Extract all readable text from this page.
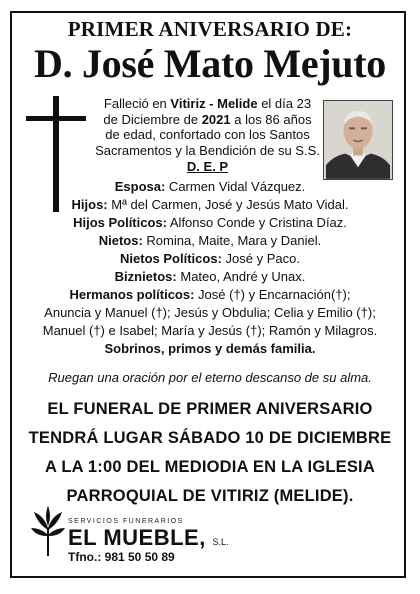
PRIMER ANIVERSARIO DE:
D. José Mato Mejuto
Falleció en Vitiriz - Melide el día 23
de Diciembre de 2021 a los 86 años
de edad, confortado con los Santos
Sacramentos y la Bendición de su S.S.
D. E. P
Esposa: Carmen Vidal Vázquez.
Hijos: Mª del Carmen, José y Jesús Mato Vidal.
Hijos Políticos: Alfonso Conde y Cristina Díaz.
Nietos: Romina, Maite, Mara y Daniel.
Nietos Políticos: José y Paco.
Biznietos: Mateo, André y Unax.
Hermanos políticos: José (†) y Encarnación(†);
Anuncia y Manuel (†); Jesús y Obdulia; Celia y Emilio (†);
Manuel (†) e Isabel; María y Jesús (†); Ramón y Milagros.
Sobrinos, primos y demás familia.
Ruegan una oración por el eterno descanso de su alma.
EL FUNERAL DE PRIMER ANIVERSARIO
TENDRÁ LUGAR SÁBADO 10 DE DICIEMBRE
A LA 1:00 DEL MEDIODIA EN LA IGLESIA
PARROQUIAL DE VITIRIZ (MELIDE).
SERVICIOS FUNERARIOS
EL MUEBLE, S.L.
Tfno.: 981 50 50 89
